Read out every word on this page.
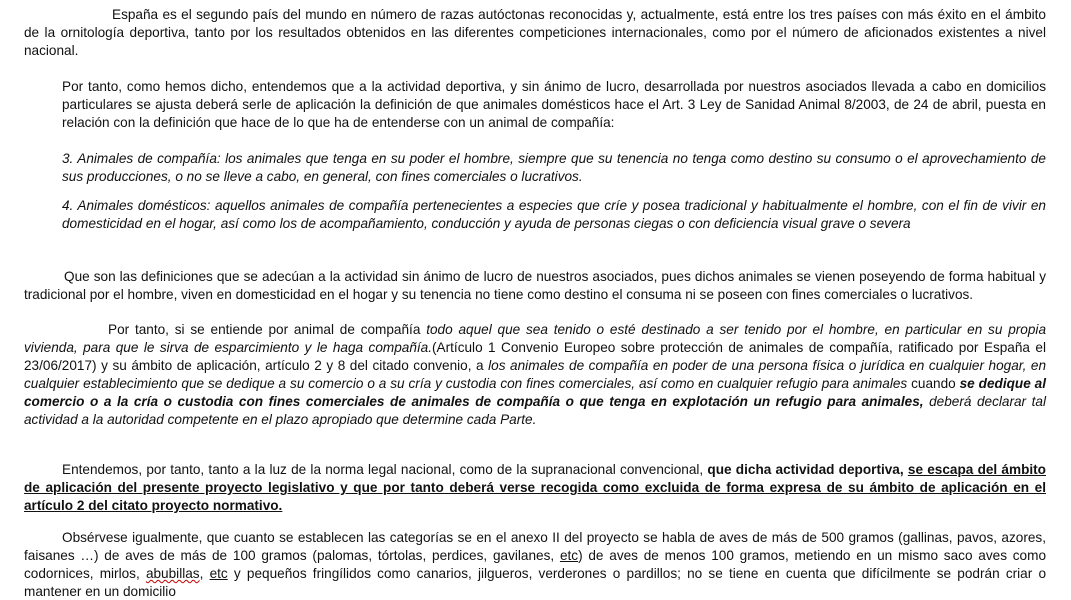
España es el segundo país del mundo en número de razas autóctonas reconocidas y, actualmente, está entre los tres países con más éxito en el ámbito de la ornitología deportiva, tanto por los resultados obtenidos en las diferentes competiciones internacionales, como por el número de aficionados existentes a nivel nacional.

Por tanto, como hemos dicho, entendemos que a la actividad deportiva, y sin ánimo de lucro, desarrollada por nuestros asociados llevada a cabo en domicilios particulares se ajusta deberá serle de aplicación la definición de que animales domésticos hace el Art. 3 Ley de Sanidad Animal 8/2003, de 24 de abril, puesta en relación con la definición que hace de lo que ha de entenderse con un animal de compañía:

3. Animales de compañía: los animales que tenga en su poder el hombre, siempre que su tenencia no tenga como destino su consumo o el aprovechamiento de sus producciones, o no se lleve a cabo, en general, con fines comerciales o lucrativos.

4. Animales domésticos: aquellos animales de compañía pertenecientes a especies que críe y posea tradicional y habitualmente el hombre, con el fin de vivir en domesticidad en el hogar, así como los de acompañamiento, conducción y ayuda de personas ciegas o con deficiencia visual grave o severa

Que son las definiciones que se adecúan a la actividad sin ánimo de lucro de nuestros asociados, pues dichos animales se vienen poseyendo de forma habitual y tradicional por el hombre, viven en domesticidad en el hogar y su tenencia no tiene como destino el consuma ni se poseen con fines comerciales o lucrativos.

Por tanto, si se entiende por animal de compañía todo aquel que sea tenido o esté destinado a ser tenido por el hombre, en particular en su propia vivienda, para que le sirva de esparcimiento y le haga compañía.(Artículo 1 Convenio Europeo sobre protección de animales de compañía, ratificado por España el 23/06/2017) y su ámbito de aplicación, artículo 2 y 8 del citado convenio, a los animales de compañía en poder de una persona física o jurídica en cualquier hogar, en cualquier establecimiento que se dedique a su comercio o a su cría y custodia con fines comerciales, así como en cualquier refugio para animales cuando se dedique al comercio o a la cría o custodia con fines comerciales de animales de compañía o que tenga en explotación un refugio para animales, deberá declarar tal actividad a la autoridad competente en el plazo apropiado que determine cada Parte.

Entendemos, por tanto, tanto a la luz de la norma legal nacional, como de la supranacional convencional, que dicha actividad deportiva, se escapa del ámbito de aplicación del presente proyecto legislativo y que por tanto deberá verse recogida como excluida de forma expresa de su ámbito de aplicación en el artículo 2 del citato proyecto normativo.

Obsérvese igualmente, que cuanto se establecen las categorías se en el anexo II del proyecto se habla de aves de más de 500 gramos (gallinas, pavos, azores, faisanes …) de aves de más de 100 gramos (palomas, tórtolas, perdices, gavilanes, etc) de aves de menos 100 gramos, metiendo en un mismo saco aves como codornices, mirlos, abubillas, etc y pequeños fringílidos como canarios, jilgueros, verderones o pardillos; no se tiene en cuenta que difícilmente se podrán criar o mantener en un domicilio
